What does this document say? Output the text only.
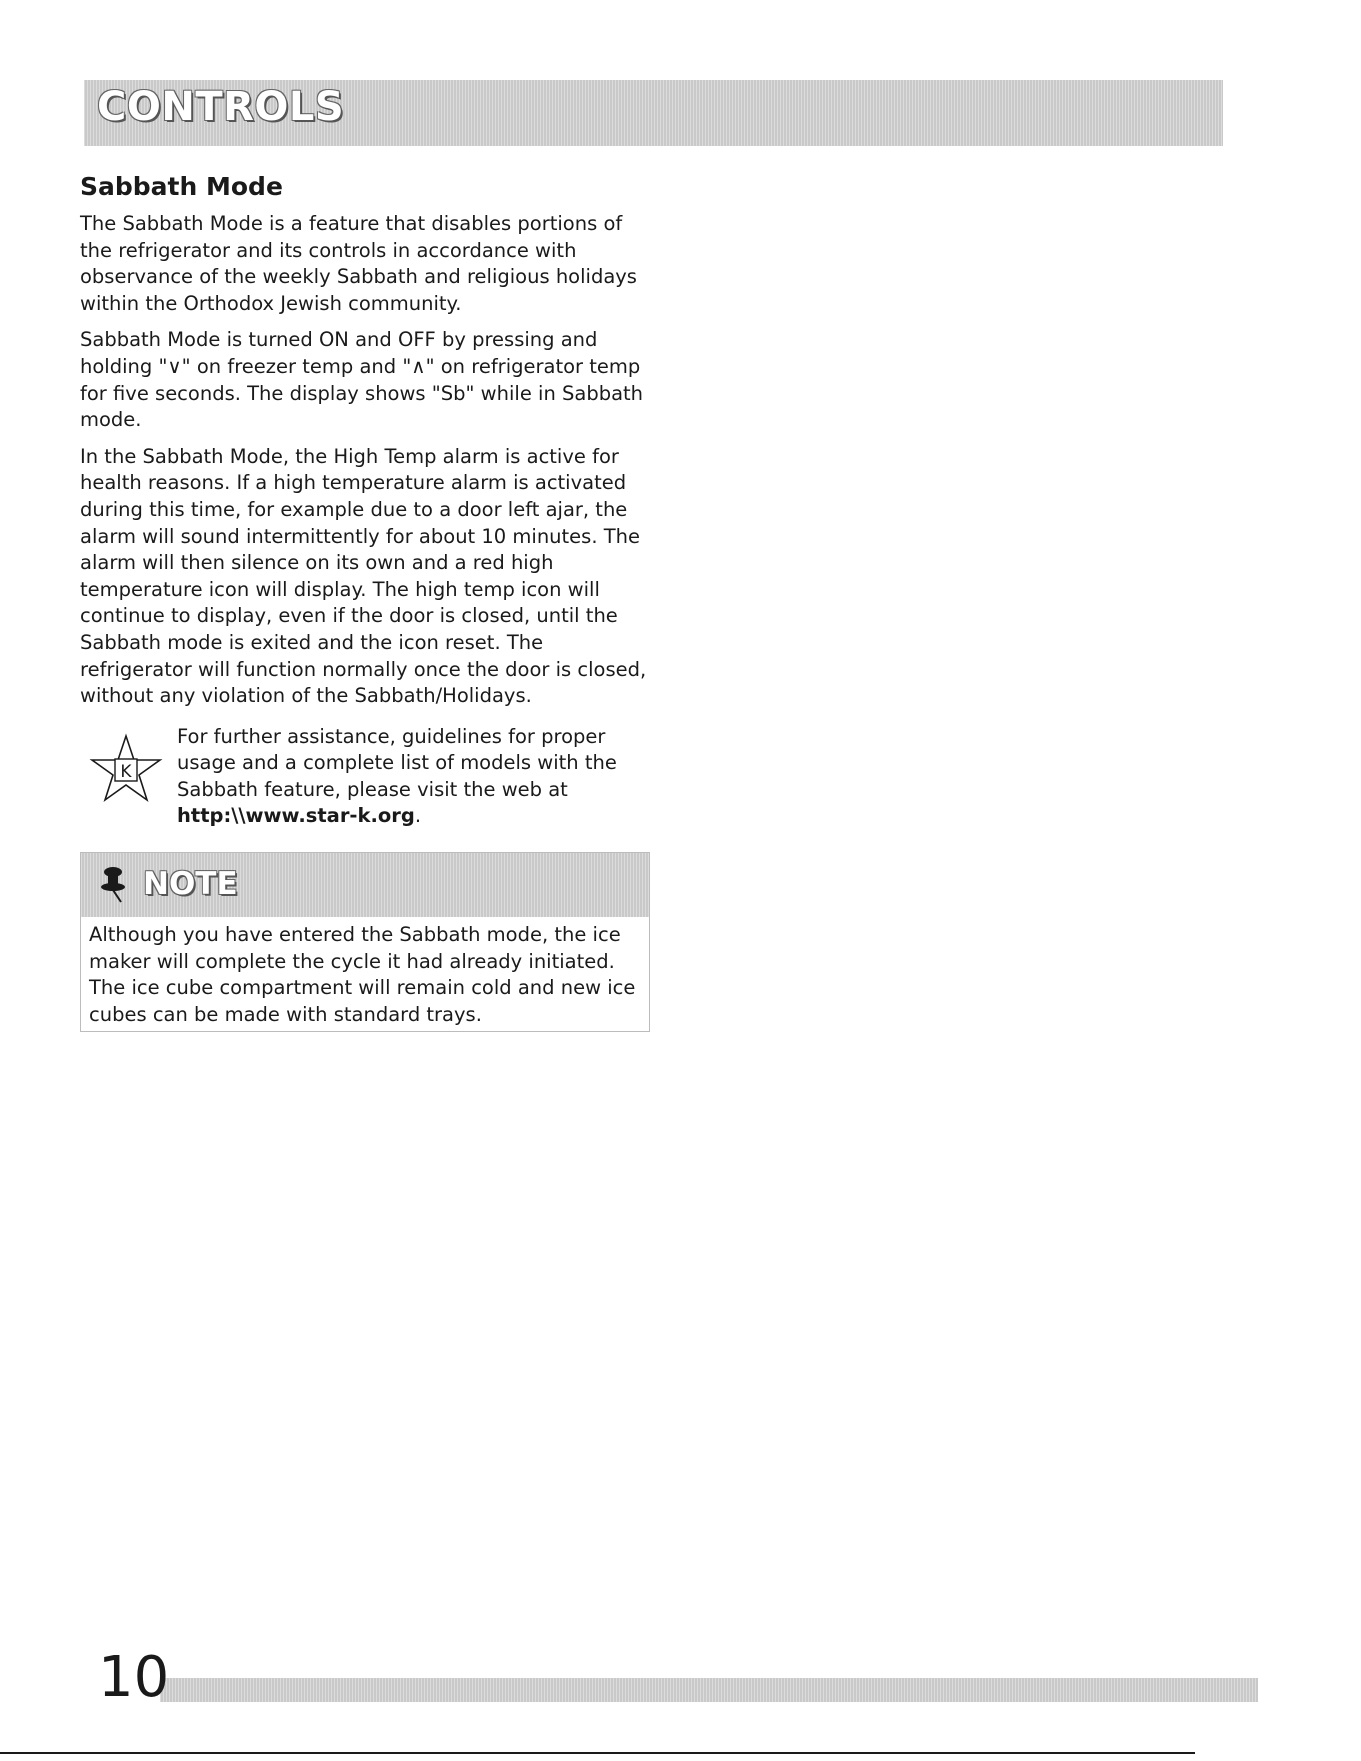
CONTROLS
Sabbath Mode

The Sabbath Mode is a feature that disables portions of the refrigerator and its controls in accordance with observance of the weekly Sabbath and religious holidays within the Orthodox Jewish community.

Sabbath Mode is turned ON and OFF by pressing and holding "∨" on freezer temp and "∧" on refrigerator temp for five seconds. The display shows "Sb" while in Sabbath mode.

In the Sabbath Mode, the High Temp alarm is active for health reasons. If a high temperature alarm is activated during this time, for example due to a door left ajar, the alarm will sound intermittently for about 10 minutes. The alarm will then silence on its own and a red high temperature icon will display. The high temp icon will continue to display, even if the door is closed, until the Sabbath mode is exited and the icon reset. The refrigerator will function normally once the door is closed, without any violation of the Sabbath/Holidays.

K
For further assistance, guidelines for proper usage and a complete list of models with the Sabbath feature, please visit the web at http:\\www.star-k.org.
NOTE

Although you have entered the Sabbath mode, the ice maker will complete the cycle it had already initiated. The ice cube compartment will remain cold and new ice cubes can be made with standard trays.

10
